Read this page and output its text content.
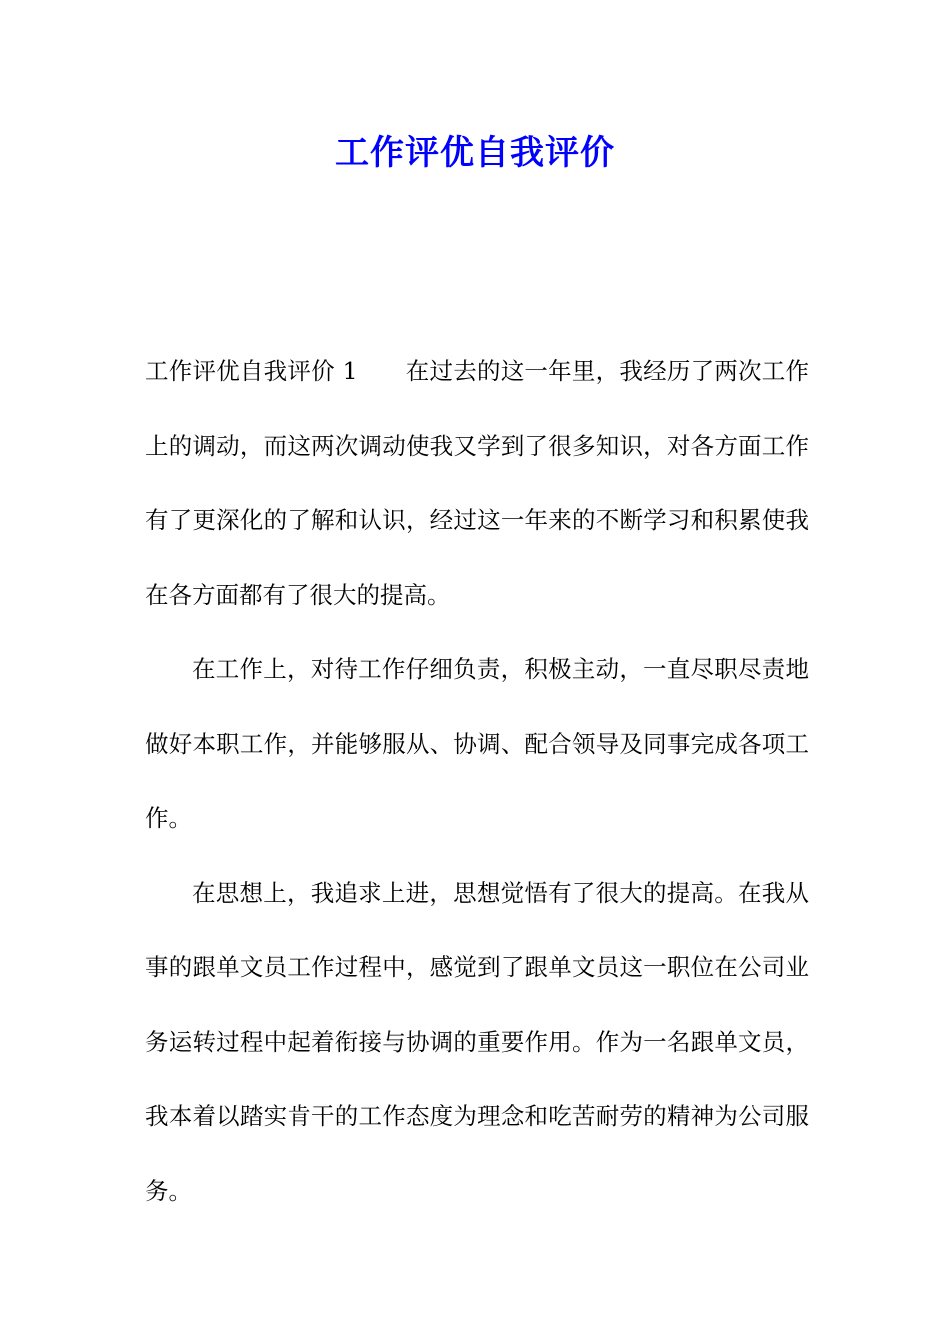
工作评优自我评价

工作评优自我评价 1 在过去的这一年里，我经历了两次工作上的调动，而这两次调动使我又学到了很多知识，对各方面工作有了更深化的了解和认识，经过这一年来的不断学习和积累使我在各方面都有了很大的提高。

在工作上，对待工作仔细负责，积极主动，一直尽职尽责地做好本职工作，并能够服从、协调、配合领导及同事完成各项工作。

在思想上，我追求上进，思想觉悟有了很大的提高。在我从事的跟单文员工作过程中，感觉到了跟单文员这一职位在公司业务运转过程中起着衔接与协调的重要作用。作为一名跟单文员，我本着以踏实肯干的工作态度为理念和吃苦耐劳的精神为公司服务。
